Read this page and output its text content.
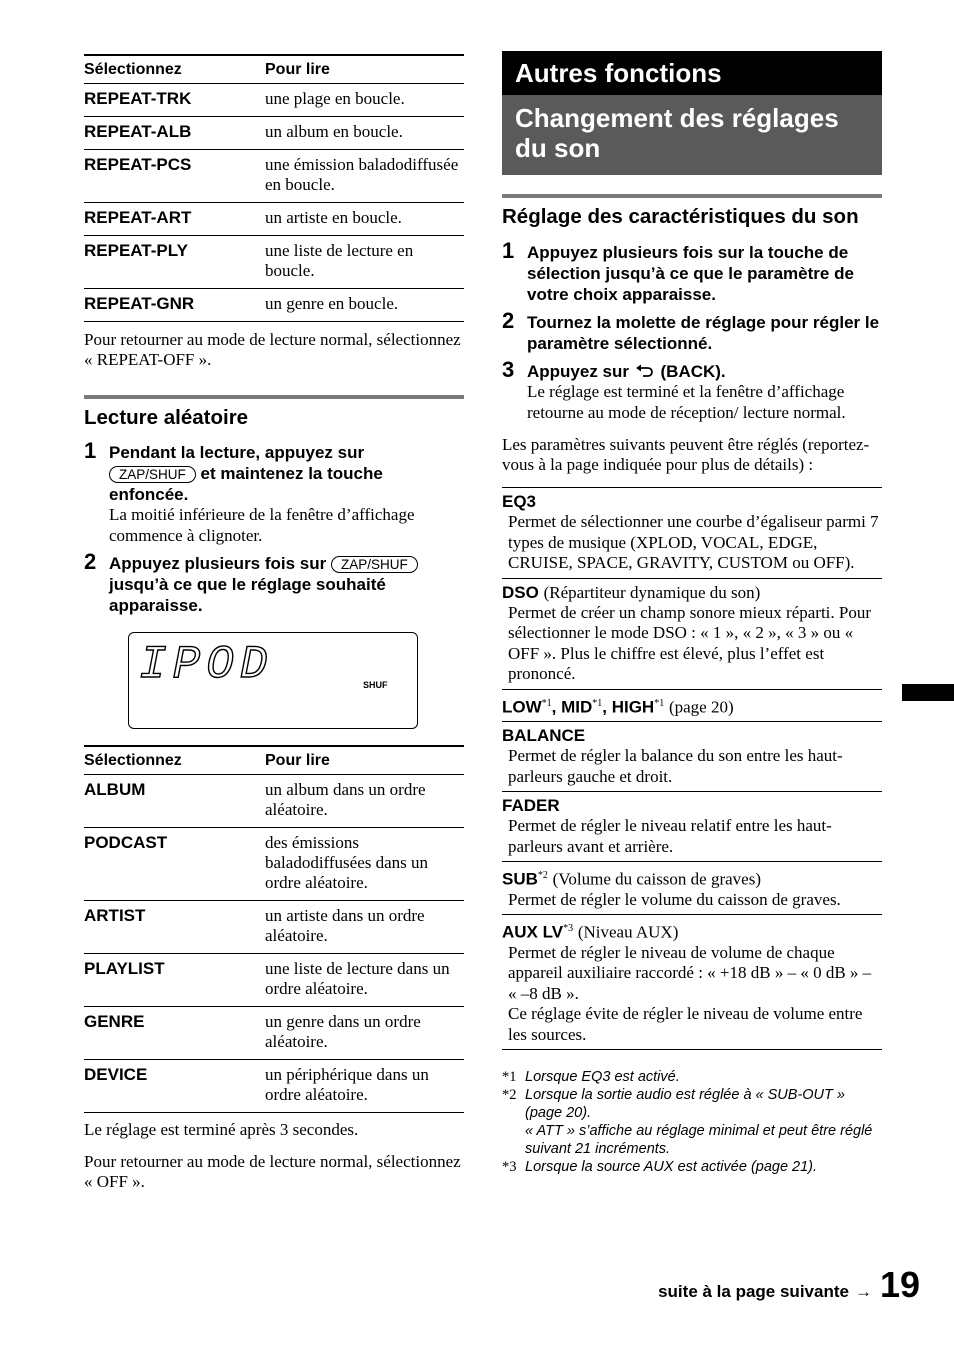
Sélectionnez	Pour lire
REPEAT-TRK	une plage en boucle.
REPEAT-ALB	un album en boucle.
REPEAT-PCS	une émission baladodiffusée en boucle.
REPEAT-ART	un artiste en boucle.
REPEAT-PLY	une liste de lecture en boucle.
REPEAT-GNR	un genre en boucle.

Pour retourner au mode de lecture normal, sélectionnez « REPEAT-OFF ».

Lecture aléatoire
1 Pendant la lecture, appuyez sur
ZAP/SHUF et maintenez la touche enfoncée.
La moitié inférieure de la fenêtre d’affichage commence à clignoter.
2 Appuyez plusieurs fois sur ZAP/SHUF jusqu’à ce que le réglage souhaité apparaisse.
IPOD	SHUF
Sélectionnez	Pour lire
ALBUM	un album dans un ordre aléatoire.
PODCAST	des émissions baladodiffusées dans un ordre aléatoire.
ARTIST	un artiste dans un ordre aléatoire.
PLAYLIST	une liste de lecture dans un ordre aléatoire.
GENRE	un genre dans un ordre aléatoire.
DEVICE	un périphérique dans un ordre aléatoire.

Le réglage est terminé après 3 secondes.

Pour retourner au mode de lecture normal, sélectionnez « OFF ».

Autres fonctions
Changement des réglages du son
Réglage des caractéristiques du son
1 Appuyez plusieurs fois sur la touche de sélection jusqu’à ce que le paramètre de votre choix apparaisse.
2 Tournez la molette de réglage pour régler le paramètre sélectionné.
3 Appuyez sur (BACK).
Le réglage est terminé et la fenêtre d’affichage retourne au mode de réception/ lecture normal.

Les paramètres suivants peuvent être réglés (reportez-vous à la page indiquée pour plus de détails) :

EQ3
Permet de sélectionner une courbe d’égaliseur parmi 7 types de musique (XPLOD, VOCAL, EDGE, CRUISE, SPACE, GRAVITY, CUSTOM ou OFF).
DSO (Répartiteur dynamique du son)
Permet de créer un champ sonore mieux réparti. Pour sélectionner le mode DSO : « 1 », « 2 », « 3 » ou « OFF ». Plus le chiffre est élevé, plus l’effet est prononcé.
LOW$^{*1}$, MID$^{*1}$, HIGH$^{*1}$ (page 20)
BALANCE
Permet de régler la balance du son entre les haut-parleurs gauche et droit.
FADER
Permet de régler le niveau relatif entre les haut-parleurs avant et arrière.
SUB$^{*2}$ (Volume du caisson de graves)
Permet de régler le volume du caisson de graves.
AUX LV$^{*3}$ (Niveau AUX)
Permet de régler le niveau de volume de chaque appareil auxiliaire raccordé : « +18 dB » – « 0 dB » – « –8 dB ».
Ce réglage évite de régler le niveau de volume entre les sources.
*1 Lorsque EQ3 est activé.
*2 Lorsque la sortie audio est réglée à « SUB-OUT » (page 20).
« ATT » s’affiche au réglage minimal et peut être réglé suivant 21 incréments.
*3 Lorsque la source AUX est activée (page 21).
suite à la page suivante → 19
